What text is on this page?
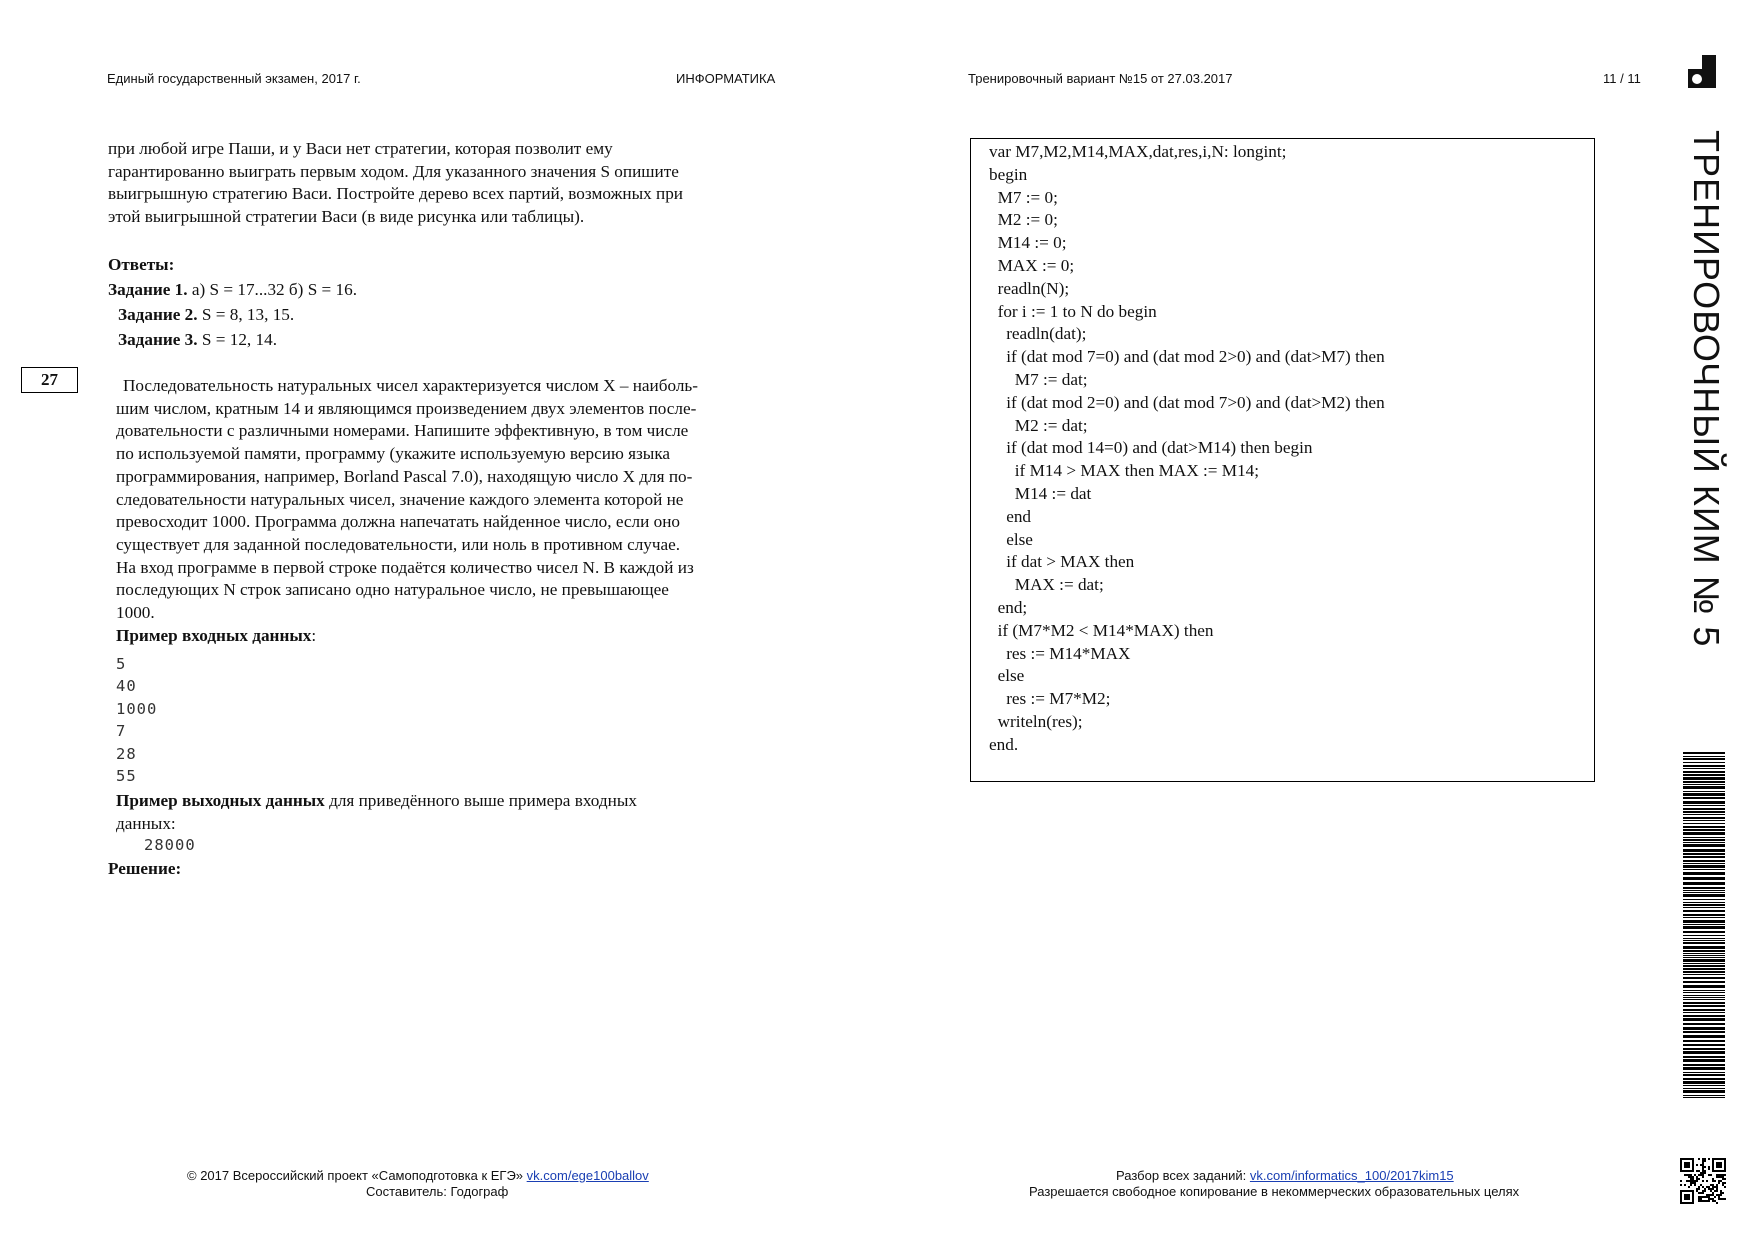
Единый государственный экзамен, 2017 г.	ИНФОРМАТИКА	Тренировочный вариант №15 от 27.03.2017	11 / 11
ТРЕНИРОВОЧНЫЙ КИМ № 5
при любой игре Паши, и у Васи нет стратегии, которая позволит ему
гарантированно выиграть первым ходом. Для указанного значения S опишите
выигрышную стратегию Васи. Постройте дерево всех партий, возможных при
этой выигрышной стратегии Васи (в виде рисунка или таблицы).
Ответы:
Задание 1. а) S = 17...32 б) S = 16.
Задание 2. S = 8, 13, 15.
Задание 3. S = 12, 14.
27	Последовательность натуральных чисел характеризуется числом X – наиболь-
шим числом, кратным 14 и являющимся произведением двух элементов после-
довательности с различными номерами. Напишите эффективную, в том числе
по используемой памяти, программу (укажите используемую версию языка
программирования, например, Borland Pascal 7.0), находящую число X для по-
следовательности натуральных чисел, значение каждого элемента которой не
превосходит 1000. Программа должна напечатать найденное число, если оно
существует для заданной последовательности, или ноль в противном случае.
На вход программе в первой строке подаётся количество чисел N. В каждой из
последующих N строк записано одно натуральное число, не превышающее
1000.
Пример входных данных:
5
40
1000
7
28
55
Пример выходных данных для приведённого выше примера входных
данных:
28000
Решение:
var M7,M2,M14,MAX,dat,res,i,N: longint;
begin
M7 := 0;
M2 := 0;
M14 := 0;
MAX := 0;
readln(N);
for i := 1 to N do begin
readln(dat);
if (dat mod 7=0) and (dat mod 2>0) and (dat>M7) then
M7 := dat;
if (dat mod 2=0) and (dat mod 7>0) and (dat>M2) then
M2 := dat;
if (dat mod 14=0) and (dat>M14) then begin
if M14 > MAX then MAX := M14;
M14 := dat
end
else
if dat > MAX then
MAX := dat;
end;
if (M7*M2 < M14*MAX) then
res := M14*MAX
else
res := M7*M2;
writeln(res);
end.
© 2017 Всероссийский проект «Самоподготовка к ЕГЭ» vk.com/ege100ballov
Составитель: Годограф
Разбор всех заданий: vk.com/informatics_100/2017kim15
Разрешается свободное копирование в некоммерческих образовательных целях
